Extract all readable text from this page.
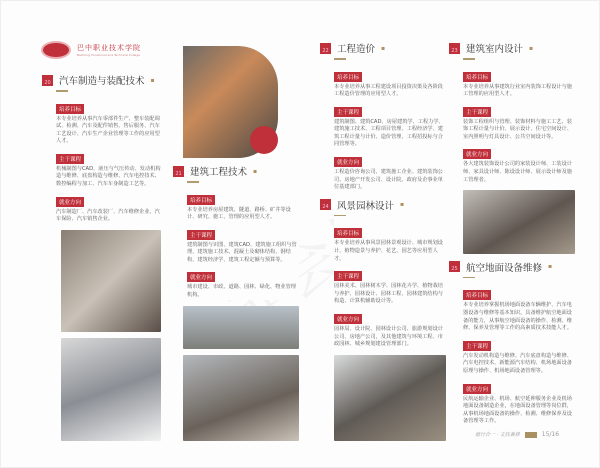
巴中职业技术学院
Bazhong Vocational and Technical College
20 汽车制造与装配技术 ▪
培养目标
本专业培养从事汽车零部件生产、整车装配调试、检测、汽车及配件销售、售后服务、汽车工艺设计、汽车生产企业管理等工作的应用型人才。
主干课程
机械制图与CAD、液压与气压传动、发动机构造与维修、底盘构造与维修、汽车电控技术、数控编程与加工、汽车车身制造工艺等。
就业方向
汽车制造厂、汽车改装厂、汽车维修企业、汽车保险、汽车销售企业。
21 建筑工程技术 ▪
培养目标
本专业培养房屋建筑、隧道、路桥、矿井等设计、研究、施工、管理的应用型人才。
主干课程
建筑制图与识图、建筑CAD、建筑施工组织与管理、建筑施工技术、混凝土及砌体结构、钢结构、建筑经济学、建筑工程定额与预算等。
就业方向
城市建设、市政、道路、园林、绿化、物业管理机构。
22 工程造价 ▪
培养目标
本专业培养从事工程建设项目投资决策及各阶段工程造价管理的应用型人才。
主干课程
建筑制图、建筑CAD、房屋建筑学、工程力学、建筑施工技术、工程项目管理、工程经济学、建筑工程计量与计价、造价管理、工程招投标与合同管理等。
就业方向
工程造价咨询公司、建筑施工企业、建筑装饰公司、房地产开发公司、设计院、政府及企事业单位基建部门。
24 风景园林设计 ▪
培养目标
本专业培养从事风景园林景观设计、城市规划设计、植物造景与养护、花艺、园艺等应用型人才。
主干课程
园林美术、园林树木学、园林花卉学、植物栽培与养护、园林设计、园林工程、园林建筑结构与构造、计算机辅助设计等。
就业方向
园林局、设计院、园林设计公司、旅游规划设计公司、房地产公司，及其他建筑与环境工程、市政园林、城乡规划建设管理部门。
23 建筑室内设计 ▪
培养目标
本专业培养从事建筑行业室内装饰工程设计与施工管理的应用型人才。
主干课程
装饰工程组织与管理、装饰材料与施工工艺、装饰工程计量与计价、展示设计、住宅空间设计、室内照明与灯具设计、公共空间设计等。
就业方向
各大建筑装饰设计公司的家装设计师、工装设计师、家具设计师、陈设设计师、展示设计师及施工管理者。
25 航空地面设备维修 ▪
培养目标
本专业培养掌握机场地面设备车辆维护、汽车电器设备与维修等基本知识，具备维护航空地面设备的能力，从事航空地面设备的操作、检测、维修、保养及管理等工作的高素质技术技能人才。
主干课程
汽车发动机构造与维修、汽车底盘构造与维修、汽车电控技术、新能源汽车结构、机场地面设备原理与操作、机场地面设备管理等。
就业方向
民航运输企业、机场、航空延伸服务企业及机场地面设备制造企业，在地面设备管理等岗位群，从事机场地面设备的操作、检测、维修保养及设备管理等工作。
德行合一 · 文技兼修	15/16
